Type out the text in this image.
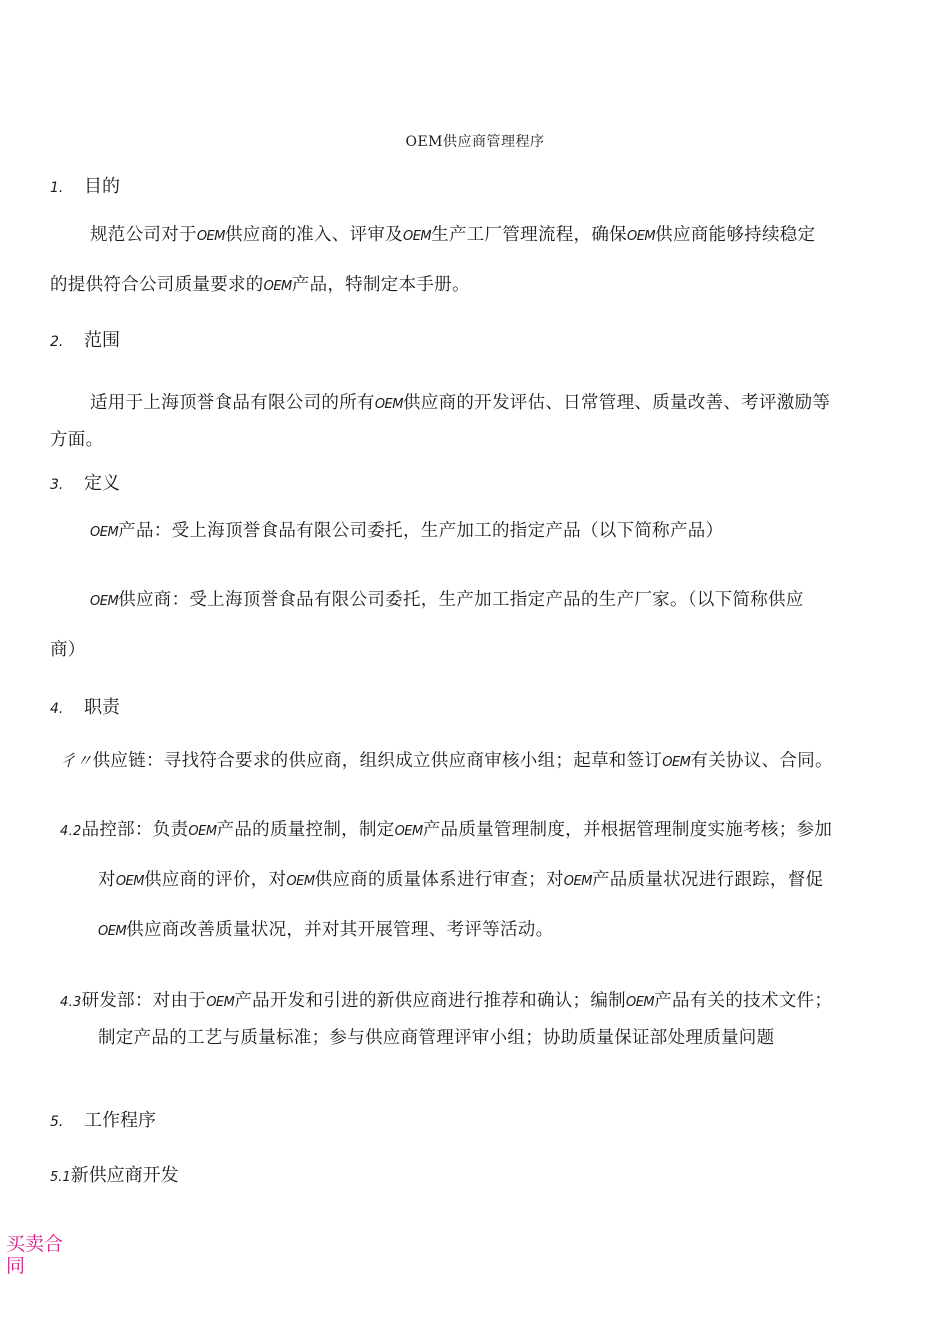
OEM供应商管理程序
1. 目的
规范公司对于OEM供应商的准入、评审及OEM生产工厂管理流程，确保OEM供应商能够持续稳定
的提供符合公司质量要求的OEM产品，特制定本手册。
2. 范围
适用于上海顶誉食品有限公司的所有OEM供应商的开发评估、日常管理、质量改善、考评激励等
方面。
3. 定义
OEM产品：受上海顶誉食品有限公司委托，生产加工的指定产品（以下简称产品）
OEM供应商：受上海顶誉食品有限公司委托，生产加工指定产品的生产厂家。（以下简称供应
商）
4. 职责
彳〃供应链：寻找符合要求的供应商，组织成立供应商审核小组；起草和签订OEM有关协议、合同。
4.2品控部：负责OEM产品的质量控制，制定OEM产品质量管理制度，并根据管理制度实施考核；参加
对OEM供应商的评价，对OEM供应商的质量体系进行审查；对OEM产品质量状况进行跟踪，督促
OEM供应商改善质量状况，并对其开展管理、考评等活动。
4.3研发部：对由于OEM产品开发和引进的新供应商进行推荐和确认；编制OEM产品有关的技术文件；
制定产品的工艺与质量标准；参与供应商管理评审小组；协助质量保证部处理质量问题
5. 工作程序
5.1新供应商开发
买卖合同
